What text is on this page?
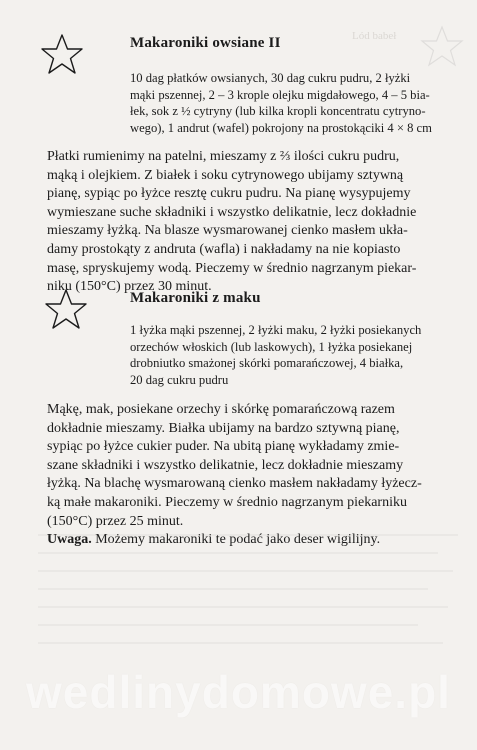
Lód babeł
Makaroniki owsiane II
10 dag płatków owsianych, 30 dag cukru pudru, 2 łyżki
mąki pszennej, 2 – 3 krople olejku migdałowego, 4 – 5 bia-
łek, sok z ½ cytryny (lub kilka kropli koncentratu cytryno-
wego), 1 andrut (wafel) pokrojony na prostokąciki 4 × 8 cm
Płatki rumienimy na patelni, mieszamy z ⅔ ilości cukru pudru,
mąką i olejkiem. Z białek i soku cytrynowego ubijamy sztywną
pianę, sypiąc po łyżce resztę cukru pudru. Na pianę wysypujemy
wymieszane suche składniki i wszystko delikatnie, lecz dokładnie
mieszamy łyżką. Na blasze wysmarowanej cienko masłem ukła-
damy prostokąty z andruta (wafla) i nakładamy na nie kopiasto
masę, spryskujemy wodą. Pieczemy w średnio nagrzanym piekar-
niku (150°C) przez 30 minut.
Makaroniki z maku
1 łyżka mąki pszennej, 2 łyżki maku, 2 łyżki posiekanych
orzechów włoskich (lub laskowych), 1 łyżka posiekanej
drobniutko smażonej skórki pomarańczowej, 4 białka,
20 dag cukru pudru
Mąkę, mak, posiekane orzechy i skórkę pomarańczową razem
dokładnie mieszamy. Białka ubijamy na bardzo sztywną pianę,
sypiąc po łyżce cukier puder. Na ubitą pianę wykładamy zmie-
szane składniki i wszystko delikatnie, lecz dokładnie mieszamy
łyżką. Na blachę wysmarowaną cienko masłem nakładamy łyżecz-
ką małe makaroniki. Pieczemy w średnio nagrzanym piekarniku
(150°C) przez 25 minut.
Uwaga. Możemy makaroniki te podać jako deser wigilijny.
wedlinydomowe.pl
